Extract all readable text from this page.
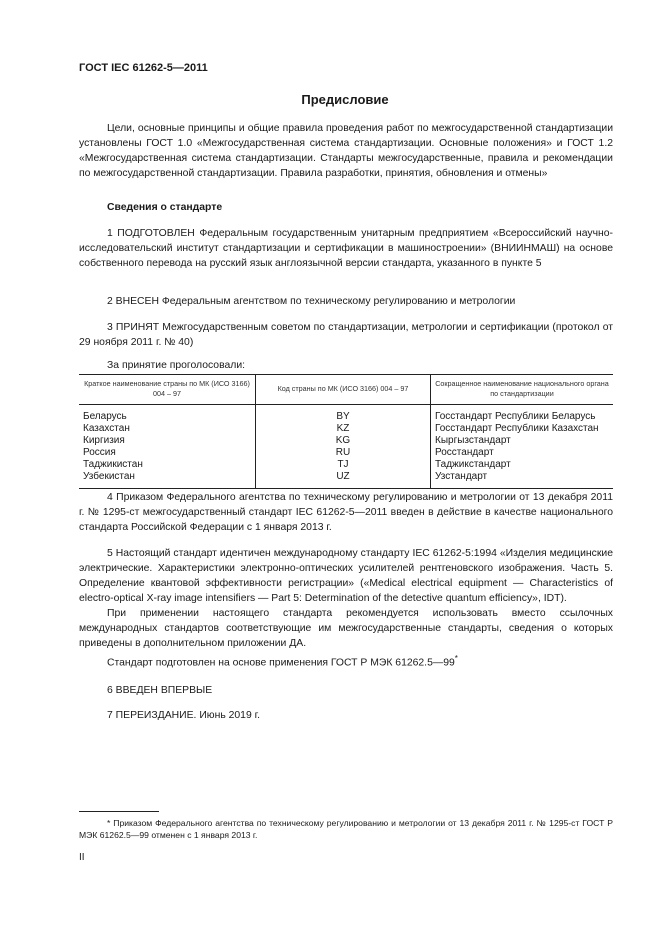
ГОСТ IEC 61262-5—2011
Предисловие

Цели, основные принципы и общие правила проведения работ по межгосударственной стандартизации установлены ГОСТ 1.0 «Межгосударственная система стандартизации. Основные положения» и ГОСТ 1.2 «Межгосударственная система стандартизации. Стандарты межгосударственные, правила и рекомендации по межгосударственной стандартизации. Правила разработки, принятия, обновления и отмены»

Сведения о стандарте

1 ПОДГОТОВЛЕН Федеральным государственным унитарным предприятием «Всероссийский научно-исследовательский институт стандартизации и сертификации в машиностроении» (ВНИИНМАШ) на основе собственного перевода на русский язык англоязычной версии стандарта, указанного в пункте 5

2 ВНЕСЕН Федеральным агентством по техническому регулированию и метрологии

3 ПРИНЯТ Межгосударственным советом по стандартизации, метрологии и сертификации (протокол от 29 ноября 2011 г. № 40)

За принятие проголосовали:
Краткое наименование страны по МК (ИСО 3166) 004 – 97	Код страны по МК (ИСО 3166) 004 – 97	Сокращенное наименование национального органа по стандартизации
Беларусь	BY	Госстандарт Республики Беларусь
Казахстан	KZ	Госстандарт Республики Казахстан
Киргизия	KG	Кыргызстандарт
Россия	RU	Росстандарт
Таджикистан	TJ	Таджикстандарт
Узбекистан	UZ	Узстандарт

4 Приказом Федерального агентства по техническому регулированию и метрологии от 13 декабря 2011 г. № 1295-ст межгосударственный стандарт IEC 61262-5—2011 введен в действие в качестве национального стандарта Российской Федерации с 1 января 2013 г.

5 Настоящий стандарт идентичен международному стандарту IEC 61262-5:1994 «Изделия медицинские электрические. Характеристики электронно-оптических усилителей рентгеновского изображения. Часть 5. Определение квантовой эффективности регистрации» («Medical electrical equipment — Characteristics of electro-optical X-ray image intensifiers — Part 5: Determination of the detective quantum efficiency», IDT).

При применении настоящего стандарта рекомендуется использовать вместо ссылочных международных стандартов соответствующие им межгосударственные стандарты, сведения о которых приведены в дополнительном приложении ДА.

Стандарт подготовлен на основе применения ГОСТ Р МЭК 61262.5—99*

6 ВВЕДЕН ВПЕРВЫЕ

7 ПЕРЕИЗДАНИЕ. Июнь 2019 г.

* Приказом Федерального агентства по техническому регулированию и метрологии от 13 декабря 2011 г. № 1295-ст ГОСТ Р МЭК 61262.5—99 отменен с 1 января 2013 г.

II
